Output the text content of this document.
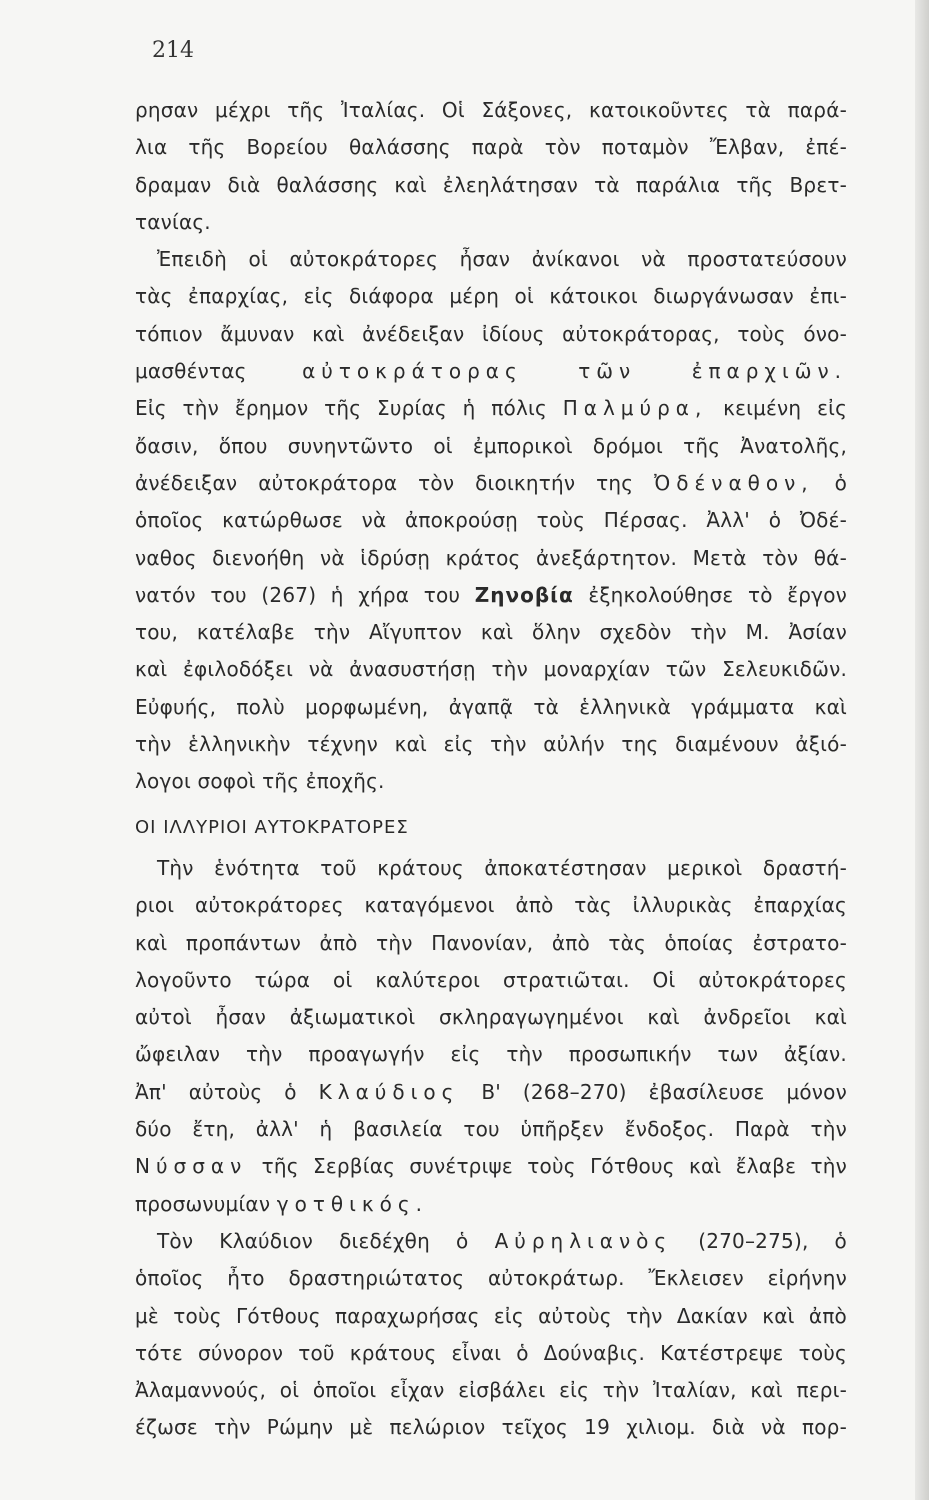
214
ρησαν μέχρι τῆς Ἰταλίας. Οἱ Σάξονες, κατοικοῦντες τὰ παρά-
λια τῆς Βορείου θαλάσσης παρὰ τὸν ποταμὸν Ἔλβαν, ἐπέ-
δραμαν διὰ θαλάσσης καὶ ἐλεηλάτησαν τὰ παράλια τῆς Βρετ-
τανίας.
Ἐπειδὴ οἱ αὐτοκράτορες ἦσαν ἀνίκανοι νὰ προστατεύσουν
τὰς ἐπαρχίας, εἰς διάφορα μέρη οἱ κάτοικοι διωργάνωσαν ἐπι-
τόπιον ἄμυναν καὶ ἀνέδειξαν ἰδίους αὐτοκράτορας, τοὺς όνο-
μασθέντας	αὐτοκράτορας	τῶν	ἐπαρχιῶν.
Εἰς τὴν ἔρημον τῆς Συρίας ἡ πόλις Παλμύρα, κειμένη εἰς
ὄασιν, ὅπου συνηντῶντο οἱ ἐμπορικοὶ δρόμοι τῆς Ἀνατολῆς,
ἀνέδειξαν αὐτοκράτορα τὸν διοικητήν της Ὀδέναθον, ὁ
ὁποῖος κατώρθωσε νὰ ἀποκρούσῃ τοὺς Πέρσας. Ἀλλ' ὁ Ὀδέ-
ναθος διενοήθη νὰ ἱδρύσῃ κράτος ἀνεξάρτητον. Μετὰ τὸν θά-
νατόν του (267) ἡ χήρα του Ζηνοβία ἐξηκολούθησε τὸ ἔργον
του, κατέλαβε τὴν Αἴγυπτον καὶ ὅλην σχεδὸν τὴν Μ. Ἀσίαν
καὶ ἐφιλοδόξει νὰ ἀνασυστήσῃ τὴν μοναρχίαν τῶν Σελευκιδῶν.
Εὐφυής, πολὺ μορφωμένη, ἀγαπᾷ τὰ ἑλληνικὰ γράμματα καὶ
τὴν ἑλληνικὴν τέχνην καὶ εἰς τὴν αὐλήν της διαμένουν ἀξιό-
λογοι σοφοὶ τῆς ἐποχῆς.
ΟΙ ΙΛΛΥΡΙΟΙ ΑΥΤΟΚΡΑΤΟΡΕΣ
Τὴν ἑνότητα τοῦ κράτους ἀποκατέστησαν μερικοὶ δραστή-
ριοι αὐτοκράτορες καταγόμενοι ἀπὸ τὰς ἰλλυρικὰς ἐπαρχίας
καὶ προπάντων ἀπὸ τὴν Πανονίαν, ἀπὸ τὰς ὁποίας ἐστρατο-
λογοῦντο τώρα οἱ καλύτεροι στρατιῶται. Οἱ αὐτοκράτορες
αὐτοὶ ἦσαν ἀξιωματικοὶ σκληραγωγημένοι καὶ ἀνδρεῖοι καὶ
ὤφειλαν τὴν προαγωγήν εἰς τὴν προσωπικήν των ἀξίαν.
Ἀπ' αὐτοὺς ὁ Κλαύδιος Β' (268–270) ἐβασίλευσε μόνον
δύο ἔτη, ἀλλ' ἡ βασιλεία του ὑπῆρξεν ἔνδοξος. Παρὰ τὴν
Νύσσαν τῆς Σερβίας συνέτριψε τοὺς Γότθους καὶ ἔλαβε τὴν
προσωνυμίαν γοτθικός.
Τὸν Κλαύδιον διεδέχθη ὁ Αὐρηλιανὸς (270–275), ὁ
ὁποῖος ἦτο δραστηριώτατος αὐτοκράτωρ. Ἔκλεισεν εἰρήνην
μὲ τοὺς Γότθους παραχωρήσας εἰς αὐτοὺς τὴν Δακίαν καὶ ἀπὸ
τότε σύνορον τοῦ κράτους εἶναι ὁ Δούναβις. Κατέστρεψε τοὺς
Ἀλαμαννούς, οἱ ὁποῖοι εἶχαν εἰσβάλει εἰς τὴν Ἰταλίαν, καὶ περι-
έζωσε τὴν Ρώμην μὲ πελώριον τεῖχος 19 χιλιομ. διὰ νὰ πορ-
